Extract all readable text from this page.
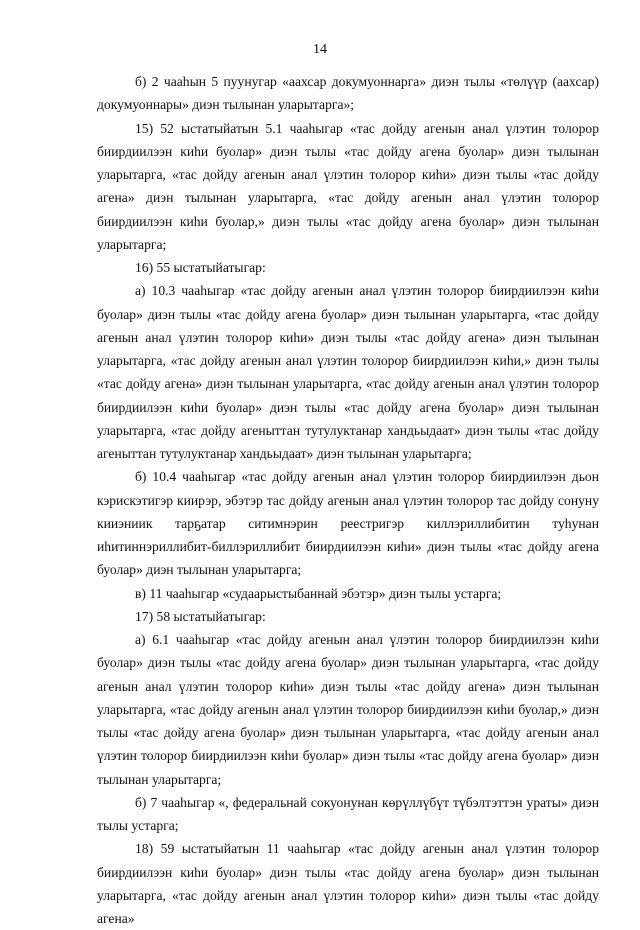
14

б) 2 чааһын 5 пуунугар «аахсар докумуоннарга» диэн тылы «төлүүр (аахсар) докумуоннары» диэн тылынан уларытарга»;

15) 52 ыстатыйатын 5.1 чааһыгар «тас дойду агенын анал үлэтин толорор биирдиилээн киһи буолар» диэн тылы «тас дойду агена буолар» диэн тылынан уларытарга, «тас дойду агенын анал үлэтин толорор киһи» диэн тылы «тас дойду агена» диэн тылынан уларытарга, «тас дойду агенын анал үлэтин толорор биирдиилээн киһи буолар,» диэн тылы «тас дойду агена буолар» диэн тылынан уларытарга;

16) 55 ыстатыйатыгар:

а) 10.3 чааһыгар «тас дойду агенын анал үлэтин толорор биирдиилээн киһи буолар» диэн тылы «тас дойду агена буолар» диэн тылынан уларытарга, «тас дойду агенын анал үлэтин толорор киһи» диэн тылы «тас дойду агена» диэн тылынан уларытарга, «тас дойду агенын анал үлэтин толорор биирдиилээн киһи,» диэн тылы «тас дойду агена» диэн тылынан уларытарга, «тас дойду агенын анал үлэтин толорор биирдиилээн киһи буолар» диэн тылы «тас дойду агена буолар» диэн тылынан уларытарга, «тас дойду агеныттан тутулуктанар хандьыдаат» диэн тылы «тас дойду агеныттан тутулуктанар хандьыдаат» диэн тылынан уларытарга;

б) 10.4 чааһыгар «тас дойду агенын анал үлэтин толорор биирдиилээн дьон кэрискэтигэр киирэр, эбэтэр тас дойду агенын анал үлэтин толорор тас дойду сонуну кииэниик тарҕатар ситимнэрин реестригэр киллэриллибитин туһунан иһитиннэриллибит-биллэриллибит биирдиилээн киһи» диэн тылы «тас дойду агена буолар» диэн тылынан уларытарга;

в) 11 чааһыгар «судаарыстыбаннай эбэтэр» диэн тылы устарга;

17) 58 ыстатыйатыгар:

а) 6.1 чааһыгар «тас дойду агенын анал үлэтин толорор биирдиилээн киһи буолар» диэн тылы «тас дойду агена буолар» диэн тылынан уларытарга, «тас дойду агенын анал үлэтин толорор киһи» диэн тылы «тас дойду агена» диэн тылынан уларытарга, «тас дойду агенын анал үлэтин толорор биирдиилээн киһи буолар,» диэн тылы «тас дойду агена буолар» диэн тылынан уларытарга, «тас дойду агенын анал үлэтин толорор биирдиилээн киһи буолар» диэн тылы «тас дойду агена буолар» диэн тылынан уларытарга;

б) 7 чааһыгар «, федеральнай сокуонунан көрүллүбүт түбэлтэттэн ураты» диэн тылы устарга;

18) 59 ыстатыйатын 11 чааһыгар «тас дойду агенын анал үлэтин толорор биирдиилээн киһи буолар» диэн тылы «тас дойду агена буолар» диэн тылынан уларытарга, «тас дойду агенын анал үлэтин толорор киһи» диэн тылы «тас дойду агена»
